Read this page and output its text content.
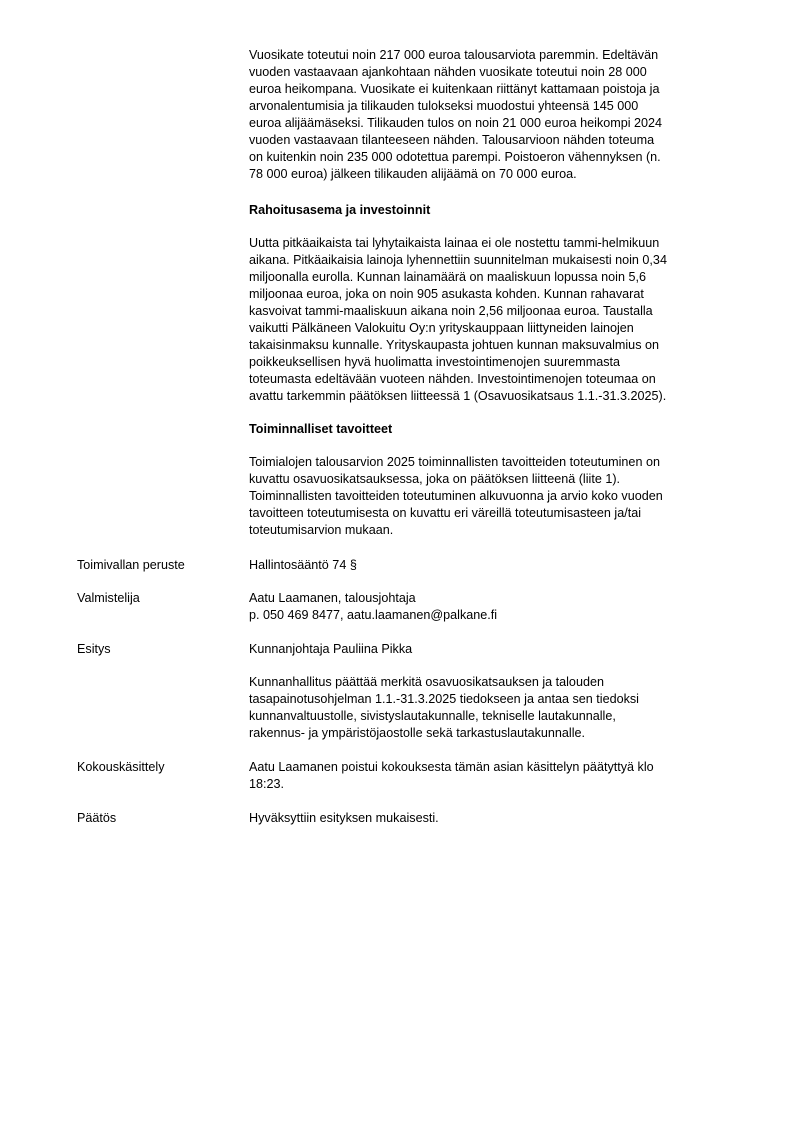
Vuosikate toteutui noin 217 000 euroa talousarviota paremmin. Edeltävän
vuoden vastaavaan ajankohtaan nähden vuosikate toteutui noin 28 000
euroa heikompana. Vuosikate ei kuitenkaan riittänyt kattamaan poistoja ja
arvonalentumisia ja tilikauden tulokseksi muodostui yhteensä 145 000
euroa alijäämäseksi. Tilikauden tulos on noin 21 000 euroa heikompi 2024
vuoden vastaavaan tilanteeseen nähden. Talousarvioon nähden toteuma
on kuitenkin noin 235 000 odotettua parempi. Poistoeron vähennyksen (n.
78 000 euroa) jälkeen tilikauden alijäämä on 70 000 euroa.
Rahoitusasema ja investoinnit
Uutta pitkäaikaista tai lyhytaikaista lainaa ei ole nostettu tammi-helmikuun
aikana. Pitkäaikaisia lainoja lyhennettiin suunnitelman mukaisesti noin 0,34
miljoonalla eurolla. Kunnan lainamäärä on maaliskuun lopussa noin 5,6
miljoonaa euroa, joka on noin 905 asukasta kohden. Kunnan rahavarat
kasvoivat tammi-maaliskuun aikana noin 2,56 miljoonaa euroa. Taustalla
vaikutti Pälkäneen Valokuitu Oy:n yrityskauppaan liittyneiden lainojen
takaisinmaksu kunnalle. Yrityskaupasta johtuen kunnan maksuvalmius on
poikkeuksellisen hyvä huolimatta investointimenojen suuremmasta
toteumasta edeltävään vuoteen nähden. Investointimenojen toteumaa on
avattu tarkemmin päätöksen liitteessä 1 (Osavuosikatsaus 1.1.-31.3.2025).
Toiminnalliset tavoitteet
Toimialojen talousarvion 2025 toiminnallisten tavoitteiden toteutuminen on
kuvattu osavuosikatsauksessa, joka on päätöksen liitteenä (liite 1).
Toiminnallisten tavoitteiden toteutuminen alkuvuonna ja arvio koko vuoden
tavoitteen toteutumisesta on kuvattu eri väreillä toteutumisasteen ja/tai
toteutumisarvion mukaan.
Toimivallan peruste	Hallintosääntö 74 §
Valmistelija	Aatu Laamanen, talousjohtaja
p. 050 469 8477, aatu.laamanen@palkane.fi
Esitys	Kunnanjohtaja Pauliina Pikka
Kunnanhallitus päättää merkitä osavuosikatsauksen ja talouden
tasapainotusohjelman 1.1.-31.3.2025 tiedokseen ja antaa sen tiedoksi
kunnanvaltuustolle, sivistyslautakunnalle, tekniselle lautakunnalle,
rakennus- ja ympäristöjaostolle sekä tarkastuslautakunnalle.
Kokouskäsittely	Aatu Laamanen poistui kokouksesta tämän asian käsittelyn päätyttyä klo
18:23.
Päätös	Hyväksyttiin esityksen mukaisesti.
